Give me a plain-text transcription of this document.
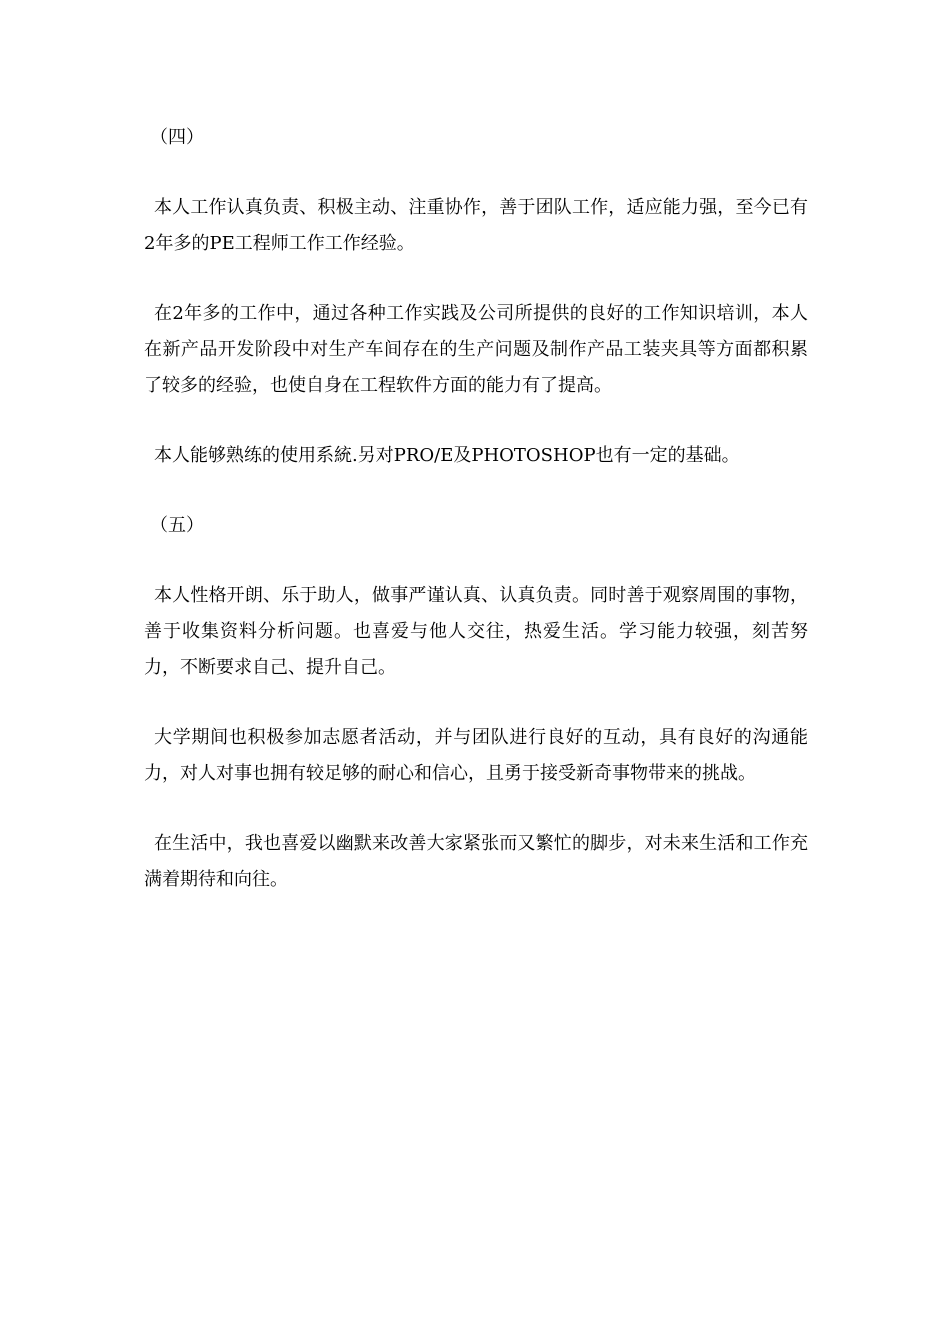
（四）

本人工作认真负责、积极主动、注重协作，善于团队工作，适应能力强，至今已有2年多的PE工程师工作工作经验。

在2年多的工作中，通过各种工作实践及公司所提供的良好的工作知识培训，本人在新产品开发阶段中对生产车间存在的生产问题及制作产品工装夹具等方面都积累了较多的经验，也使自身在工程软件方面的能力有了提高。

本人能够熟练的使用系統.另对PRO/E及PHOTOSHOP也有一定的基础。

（五）

本人性格开朗、乐于助人，做事严谨认真、认真负责。同时善于观察周围的事物，善于收集资料分析问题。也喜爱与他人交往，热爱生活。学习能力较强，刻苦努力，不断要求自己、提升自己。

大学期间也积极参加志愿者活动，并与团队进行良好的互动，具有良好的沟通能力，对人对事也拥有较足够的耐心和信心，且勇于接受新奇事物带来的挑战。

在生活中，我也喜爱以幽默来改善大家紧张而又繁忙的脚步，对未来生活和工作充满着期待和向往。
